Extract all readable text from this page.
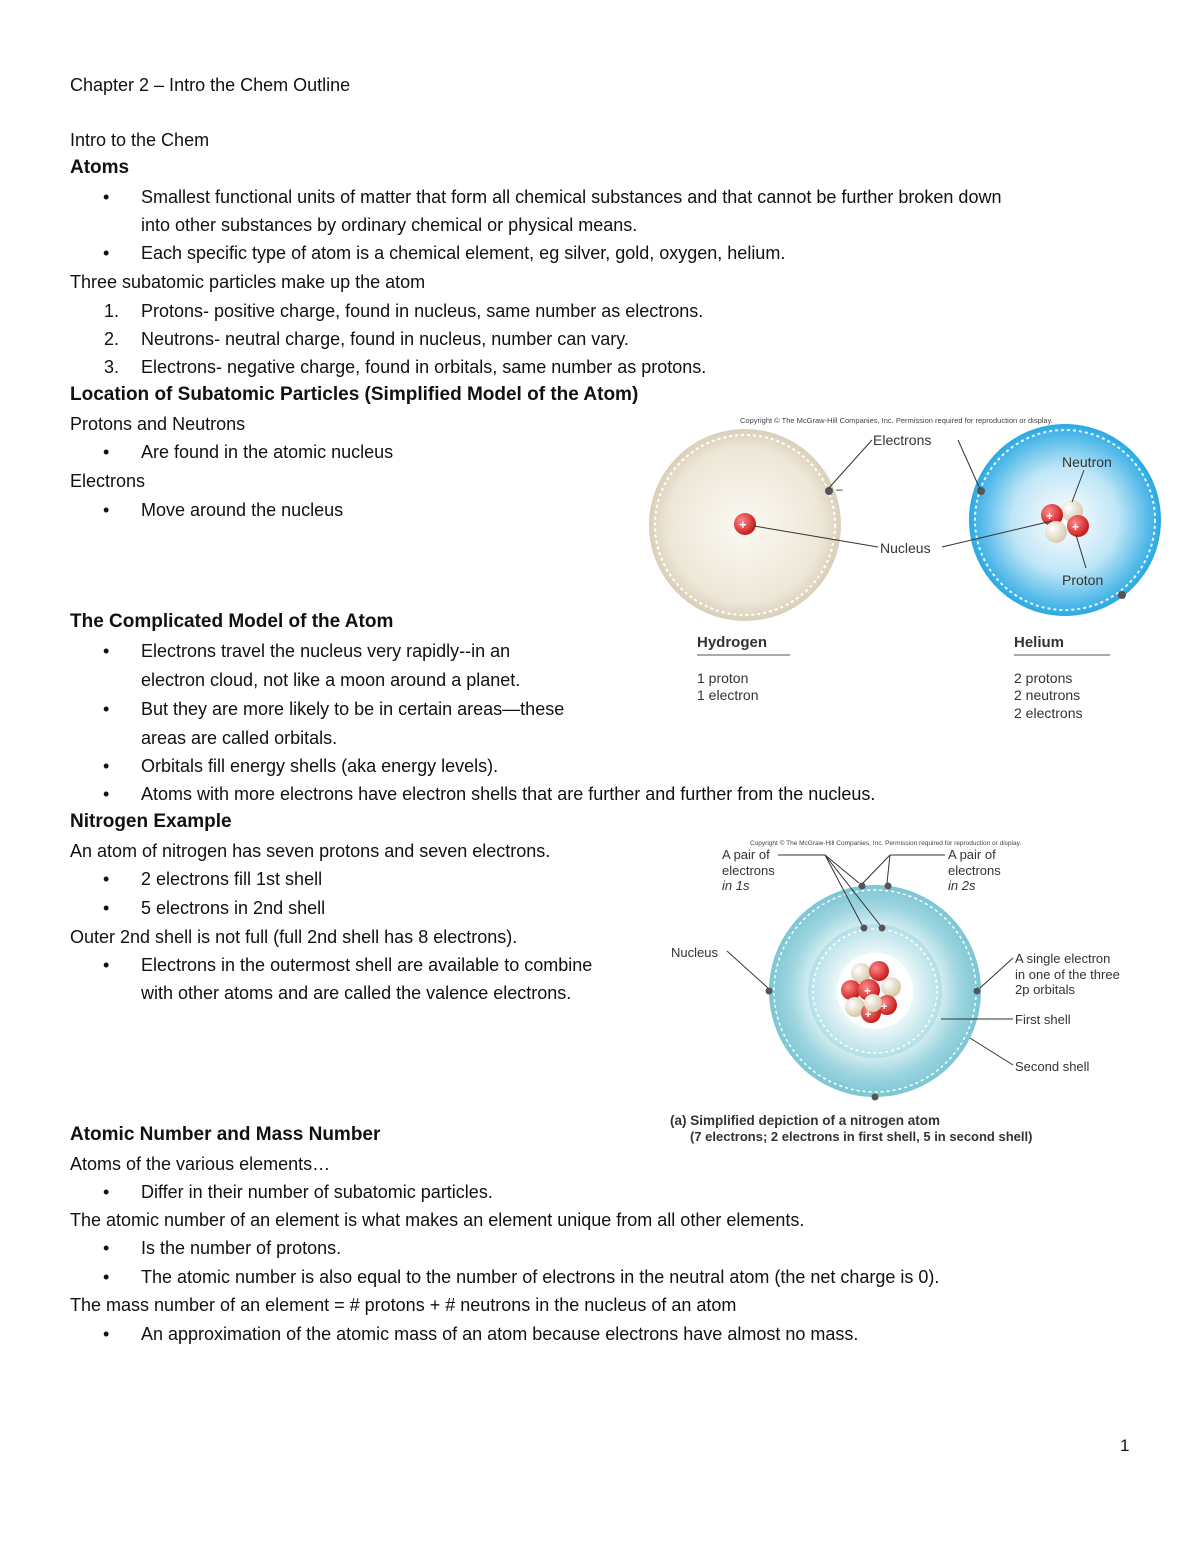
Chapter 2 – Intro the Chem Outline
Intro to the Chem
Atoms
• Smallest functional units of matter that form all chemical substances and that cannot be further broken down
into other substances by ordinary chemical or physical means.
• Each specific type of atom is a chemical element, eg silver, gold, oxygen, helium.
Three subatomic particles make up the atom
1. Protons- positive charge, found in nucleus, same number as electrons.
2. Neutrons- neutral charge, found in nucleus, number can vary.
3. Electrons- negative charge, found in orbitals, same number as protons.
Location of Subatomic Particles (Simplified Model of the Atom)
Protons and Neutrons
• Are found in the atomic nucleus
Electrons
• Move around the nucleus
The Complicated Model of the Atom
• Electrons travel the nucleus very rapidly--in an
electron cloud, not like a moon around a planet.
• But they are more likely to be in certain areas—these
areas are called orbitals.
• Orbitals fill energy shells (aka energy levels).
• Atoms with more electrons have electron shells that are further and further from the nucleus.
Nitrogen Example
An atom of nitrogen has seven protons and seven electrons.
• 2 electrons fill 1st shell
• 5 electrons in 2nd shell
Outer 2nd shell is not full (full 2nd shell has 8 electrons).
• Electrons in the outermost shell are available to combine
with other atoms and are called the valence electrons.
Atomic Number and Mass Number
Atoms of the various elements…
• Differ in their number of subatomic particles.
The atomic number of an element is what makes an element unique from all other elements.
• Is the number of protons.
• The atomic number is also equal to the number of electrons in the neutral atom (the net charge is 0).
The mass number of an element = # protons + # neutrons in the nucleus of an atom
• An approximation of the atomic mass of an atom because electrons have almost no mass.
1
Copyright © The McGraw-Hill Companies, Inc. Permission required for reproduction or display.
+
–
+
+
Electrons
Nucleus
Neutron
Proton
Hydrogen
1 proton
1 electron
Helium
2 protons
2 neutrons
2 electrons
Copyright © The McGraw-Hill Companies, Inc. Permission required for reproduction or display.
+
+
+
A pair of
electrons
in 1s
A pair of
electrons
in 2s
Nucleus	A single electron
in one of the three
2p orbitals
First shell
Second shell
(a) Simplified depiction of a nitrogen atom
(7 electrons; 2 electrons in first shell, 5 in second shell)
